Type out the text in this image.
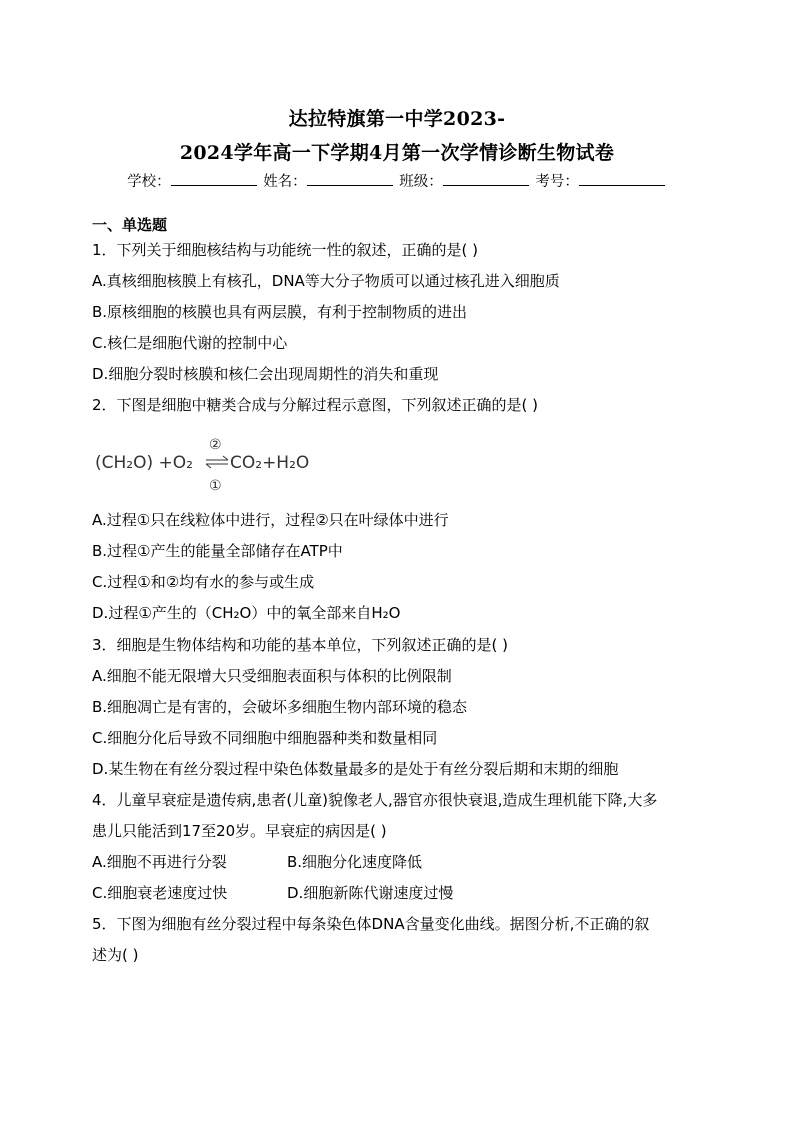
达拉特旗第一中学2023-
2024学年高一下学期4月第一次学情诊断生物试卷
学校：	姓名：	班级：	考号：
一、单选题
1．下列关于细胞核结构与功能统一性的叙述，正确的是( )
A.真核细胞核膜上有核孔，DNA等大分子物质可以通过核孔进入细胞质
B.原核细胞的核膜也具有两层膜，有利于控制物质的进出
C.核仁是细胞代谢的控制中心
D.细胞分裂时核膜和核仁会出现周期性的消失和重现
2．下图是细胞中糖类合成与分解过程示意图，下列叙述正确的是( )
(CH₂O) +O₂
②
CO₂+H₂O
①
A.过程①只在线粒体中进行，过程②只在叶绿体中进行
B.过程①产生的能量全部储存在ATP中
C.过程①和②均有水的参与或生成
D.过程①产生的（CH₂O）中的氧全部来自H₂O
3．细胞是生物体结构和功能的基本单位，下列叙述正确的是( )
A.细胞不能无限增大只受细胞表面积与体积的比例限制
B.细胞凋亡是有害的，会破坏多细胞生物内部环境的稳态
C.细胞分化后导致不同细胞中细胞器种类和数量相同
D.某生物在有丝分裂过程中染色体数量最多的是处于有丝分裂后期和末期的细胞
4．儿童早衰症是遗传病,患者(儿童)貌像老人,器官亦很快衰退,造成生理机能下降,大多
患儿只能活到17至20岁。早衰症的病因是( )
A.细胞不再进行分裂	B.细胞分化速度降低
C.细胞衰老速度过快	D.细胞新陈代谢速度过慢
5．下图为细胞有丝分裂过程中每条染色体DNA含量变化曲线。据图分析,不正确的叙
述为( )
